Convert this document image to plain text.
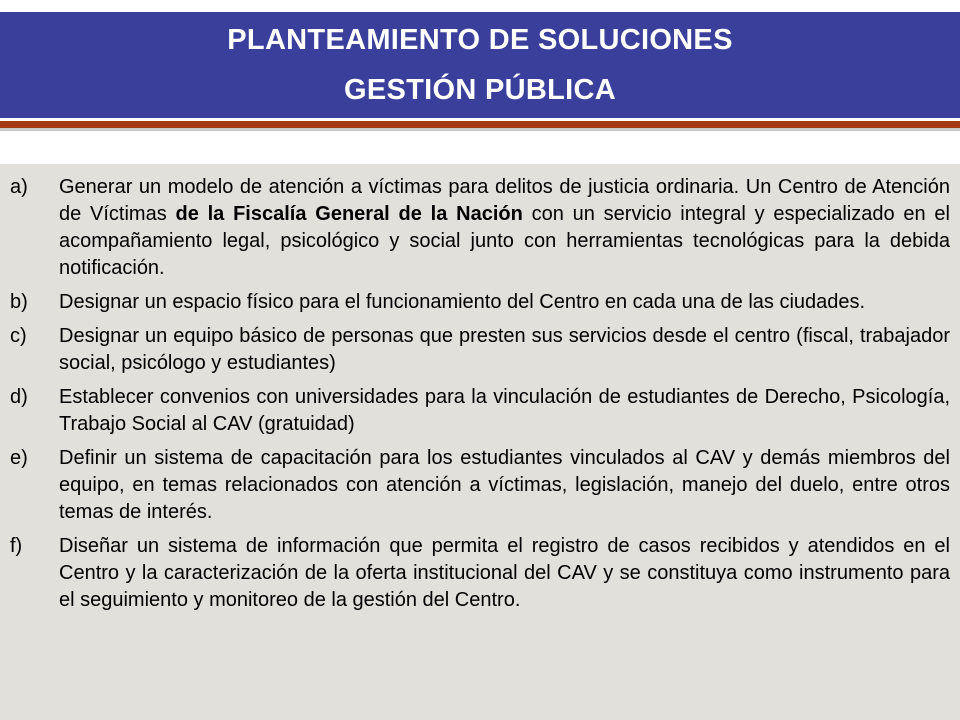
PLANTEAMIENTO DE SOLUCIONES
GESTIÓN PÚBLICA
a) Generar un modelo de atención a víctimas para delitos de justicia ordinaria. Un Centro de Atención de Víctimas de la Fiscalía General de la Nación con un servicio integral y especializado en el acompañamiento legal, psicológico y social junto con herramientas tecnológicas para la debida notificación.
b) Designar un espacio físico para el funcionamiento del Centro en cada una de las ciudades.
c) Designar un equipo básico de personas que presten sus servicios desde el centro (fiscal, trabajador social, psicólogo y estudiantes)
d) Establecer convenios con universidades para la vinculación de estudiantes de Derecho, Psicología, Trabajo Social al CAV (gratuidad)
e) Definir un sistema de capacitación para los estudiantes vinculados al CAV y demás miembros del equipo, en temas relacionados con atención a víctimas, legislación, manejo del duelo, entre otros temas de interés.
f) Diseñar un sistema de información que permita el registro de casos recibidos y atendidos en el Centro y la caracterización de la oferta institucional del CAV y se constituya como instrumento para el seguimiento y monitoreo de la gestión del Centro.
